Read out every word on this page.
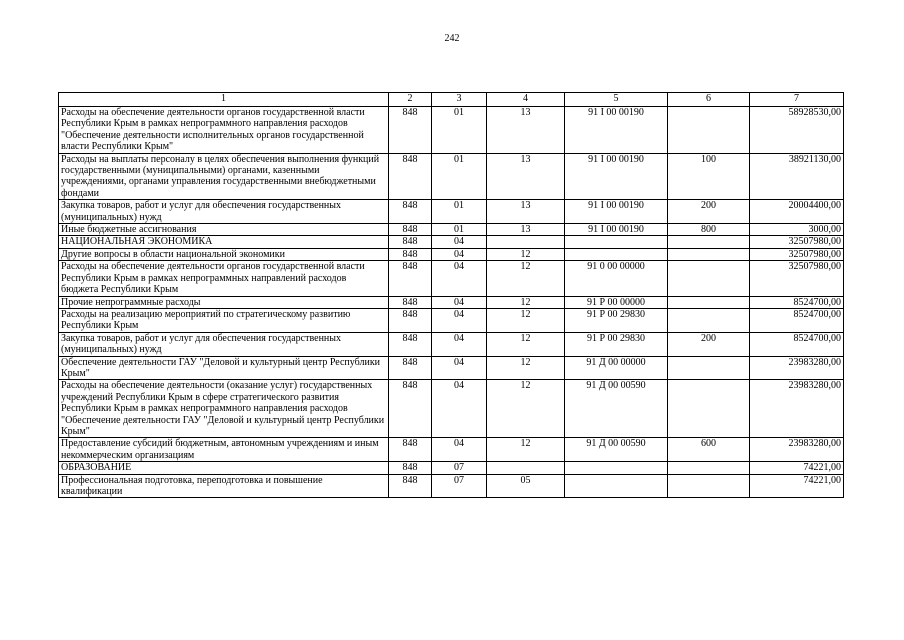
242
1	2	3	4	5	6	7
Расходы на обеспечение деятельности органов государственной власти Республики Крым в рамках непрограммного направления расходов "Обеспечение деятельности исполнительных органов государственной власти Республики Крым"	848	01	13	91 I 00 00190		58928530,00
Расходы на выплаты персоналу в целях обеспечения выполнения функций государственными (муниципальными) органами, казенными учреждениями, органами управления государственными внебюджетными фондами	848	01	13	91 I 00 00190	100	38921130,00
Закупка товаров, работ и услуг для обеспечения государственных (муниципальных) нужд	848	01	13	91 I 00 00190	200	20004400,00
Иные бюджетные ассигнования	848	01	13	91 I 00 00190	800	3000,00
НАЦИОНАЛЬНАЯ ЭКОНОМИКА	848	04				32507980,00
Другие вопросы в области национальной экономики	848	04	12			32507980,00
Расходы на обеспечение деятельности органов государственной власти Республики Крым в рамках непрограммных направлений расходов бюджета Республики Крым	848	04	12	91 0 00 00000		32507980,00
Прочие непрограммные расходы	848	04	12	91 Р 00 00000		8524700,00
Расходы на реализацию мероприятий по стратегическому развитию Республики Крым	848	04	12	91 Р 00 29830		8524700,00
Закупка товаров, работ и услуг для обеспечения государственных (муниципальных) нужд	848	04	12	91 Р 00 29830	200	8524700,00
Обеспечение деятельности ГАУ "Деловой и культурный центр Республики Крым"	848	04	12	91 Д 00 00000		23983280,00
Расходы на обеспечение деятельности (оказание услуг) государственных учреждений Республики Крым в сфере стратегического развития Республики Крым в рамках непрограммного направления расходов "Обеспечение деятельности ГАУ "Деловой и культурный центр Республики Крым"	848	04	12	91 Д 00 00590		23983280,00
Предоставление субсидий бюджетным, автономным учреждениям и иным некоммерческим организациям	848	04	12	91 Д 00 00590	600	23983280,00
ОБРАЗОВАНИЕ	848	07				74221,00
Профессиональная подготовка, переподготовка и повышение квалификации	848	07	05			74221,00
